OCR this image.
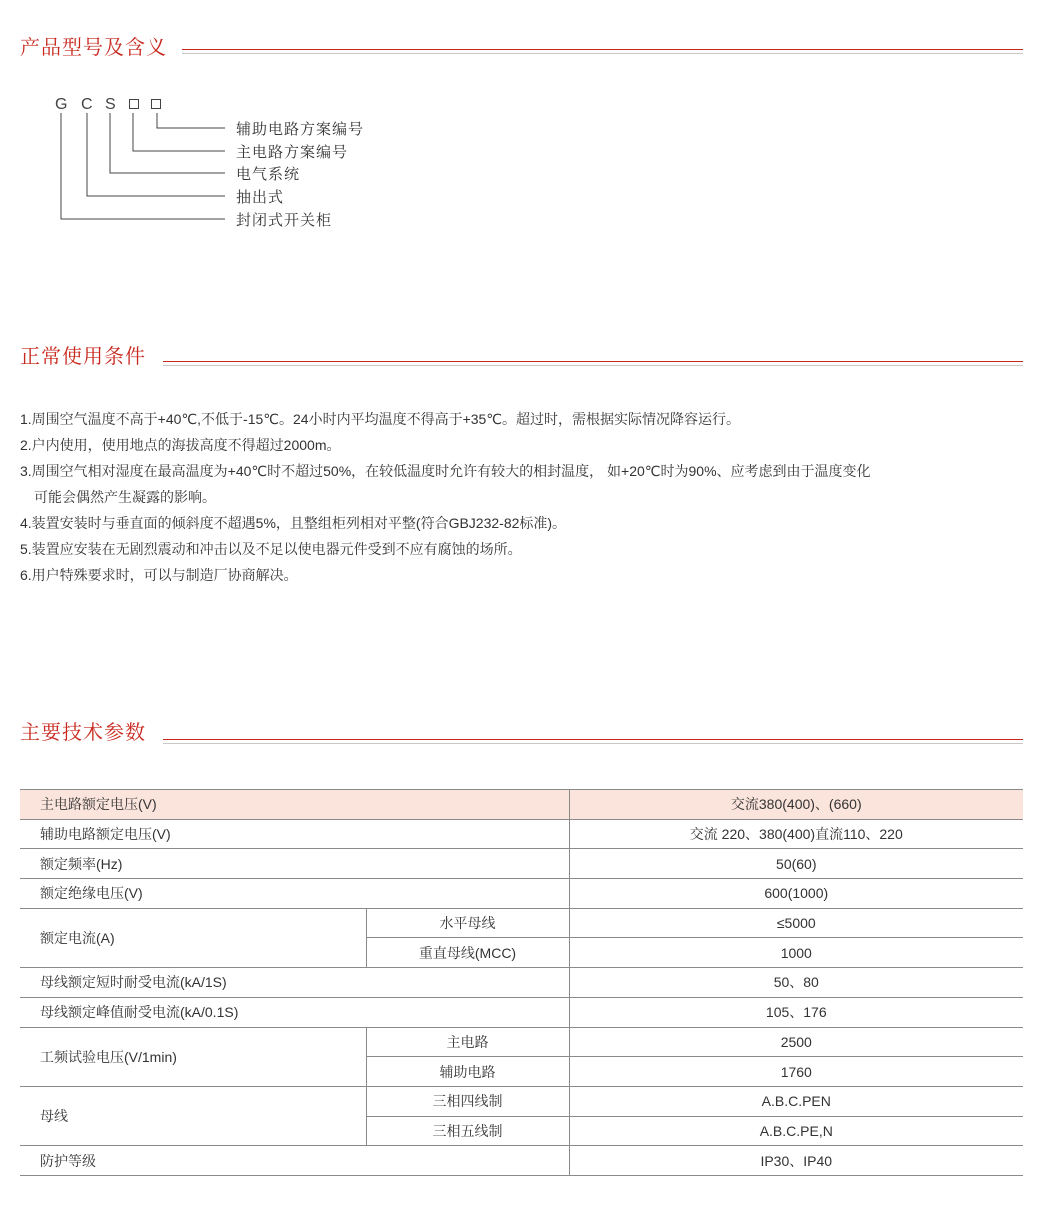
产品型号及含义
G C S
辅助电路方案编号
主电路方案编号
电气系统
抽出式
封闭式开关柜
正常使用条件
1.周围空气温度不高于+40℃,不低于-15℃。24小时内平均温度不得高于+35℃。超过时，需根据实际情况降容运行。
2.户内使用，使用地点的海拔高度不得超过2000m。
3.周围空气相对湿度在最高温度为+40℃时不超过50%，在较低温度时允许有较大的相封温度， 如+20℃时为90%、应考虑到由于温度变化
可能会偶然产生凝露的影响。
4.装置安装时与垂直面的倾斜度不超遇5%，且整组柜列相对平整(符合GBJ232-82标准)。
5.装置应安装在无剧烈震动和冲击以及不足以使电器元件受到不应有腐蚀的场所。
6.用户特殊要求时，可以与制造厂协商解决。
主要技术参数
主电路额定电压(V)		交流380(400)、(660)
辅助电路额定电压(V)		交流 220、380(400)直流110、220
额定频率(Hz)		50(60)
额定绝缘电压(V)		600(1000)
额定电流(A)	水平母线	≤5000
	重直母线(MCC)	1000
母线额定短时耐受电流(kA/1S)		50、80
母线额定峰值耐受电流(kA/0.1S)		105、176
工频试验电压(V/1min)	主电路	2500
	辅助电路	1760
母线	三相四线制	A.B.C.PEN
	三相五线制	A.B.C.PE,N
防护等级		IP30、IP40
